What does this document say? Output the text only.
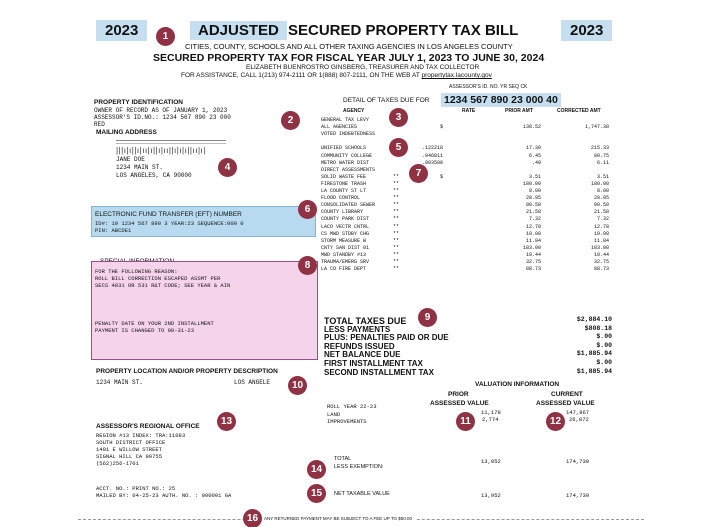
2023	1	ADJUSTED SECURED PROPERTY TAX BILL	2023
CITIES, COUNTY, SCHOOLS AND ALL OTHER TAXING AGENCIES IN LOS ANGELES COUNTY
SECURED PROPERTY TAX FOR FISCAL YEAR JULY 1, 2023 TO JUNE 30, 2024
ELIZABETH BUENROSTRO GINSBERG, TREASURER AND TAX COLLECTOR
FOR ASSISTANCE, CALL 1(213) 974-2111 OR 1(888) 807-2111, ON THE WEB AT propertytax.lacounty.gov
PROPERTY IDENTIFICATION
OWNER OF RECORD AS OF JANUARY 1, 2023
ASSESSOR'S ID.NO.: 1234 567 890 23 000
RED	2
MAILING ADDRESS
|||ı|ı||ı|ıı|ı||ı|ıı||ı|ı|ı||ıı|ı|
JANE DOE
1234 MAIN ST.
LOS ANGELES, CA 90000
4
ELECTRONIC FUND TRANSFER (EFT) NUMBER
ID#: 19 1234 567 890 3 YEAR:23 SEQUENCE:000 0
PIN: ABCDE1
6
FOR THE FOLLOWING REASON:
ROLL BILL CORRECTION ESCAPED ASSMT PER
SECS 4831 OR 531 R&T CODE; SEE YEAR & AIN
PENALTY DATE ON YOUR 2ND INSTALLMENT
PAYMENT IS CHANGED TO 08-31-23
8
PROPERTY LOCATION AND/OR PROPERTY DESCRIPTION
1234 MAIN ST.	LOS ANGELE	10
ASSESSOR'S REGIONAL OFFICE	13
REGION #13 INDEX: TRA:11083
SOUTH DISTRICT OFFICE
1401 E WILLOW STREET
SIGNAL HILL CA 90755
(562)256-1701
ACCT. NO.: PRINT NO.: 25
MAILED BY: 04-25-23 AUTH. NO. : 000001 GA
ASSESSOR'S ID. NO. YR SEQ CK
DETAIL OF TAXES DUE FOR 1234 567 890 23 000 40
AGENCY	RATE	PRIOR AMT	CORRECTED AMT
3
5
7
GENERAL TAX LEVY
ALL AGENCIES	$	138.52	1,747.38
VOTED INDEBTEDNESS
UNIFIED SCHOOLS	.122218	17.30	215.33
COMMUNITY COLLEGE	.046811	6.45	80.75
METRO WATER DIST	.003500	.49	6.11
DIRECT ASSESSMENTS
SOLID WASTE FEE	**	$	3.51	3.51
FIRESTONE TRASH	**	180.00	180.00
LA COUNTY ST LT	**	8.00	8.00
FLOOD CONTROL	**	28.95	28.95
CONSOLIDATED SEWER	**	90.50	90.50
COUNTY LIBRARY	**	21.58	21.58
COUNTY PARK DIST	**	7.32	7.32
LACO VECTR CNTRL	**	12.78	12.78
CS MWD STDBY CHG	**	10.00	10.00
STORM MEASURE W	**	11.84	11.84
CNTY SAN DIST 01	**	183.00	183.00
MWD STANDBY #13	**	10.44	10.44
TRAUMA/EMERG SRV	**	32.75	32.75
LA CO FIRE DEPT	**	88.73	88.73
9
TOTAL TAXES DUE	$2,884.10
LESS PAYMENTS	$808.18
PLUS: PENALTIES PAID OR DUE	$.00
REFUNDS ISSUED	$.00
NET BALANCE DUE	$1,885.94
FIRST INSTALLMENT TAX	$.00
SECOND INSTALLMENT TAX	$1,885.94
VALUATION INFORMATION
PRIOR	CURRENT
ASSESSED VALUE	ASSESSED VALUE
ROLL YEAR 22-23
LAND	11,178	147,867
IMPROVEMENTS	2,774	26,872
11	12
TOTAL
LESS EXEMPTION:
13,952	174,739
14
NET TAXABLE VALUE	13,952	174,739
15
ANY RETURNED PAYMENT MAY BE SUBJECT TO A FEE UP TO $50.00
16
